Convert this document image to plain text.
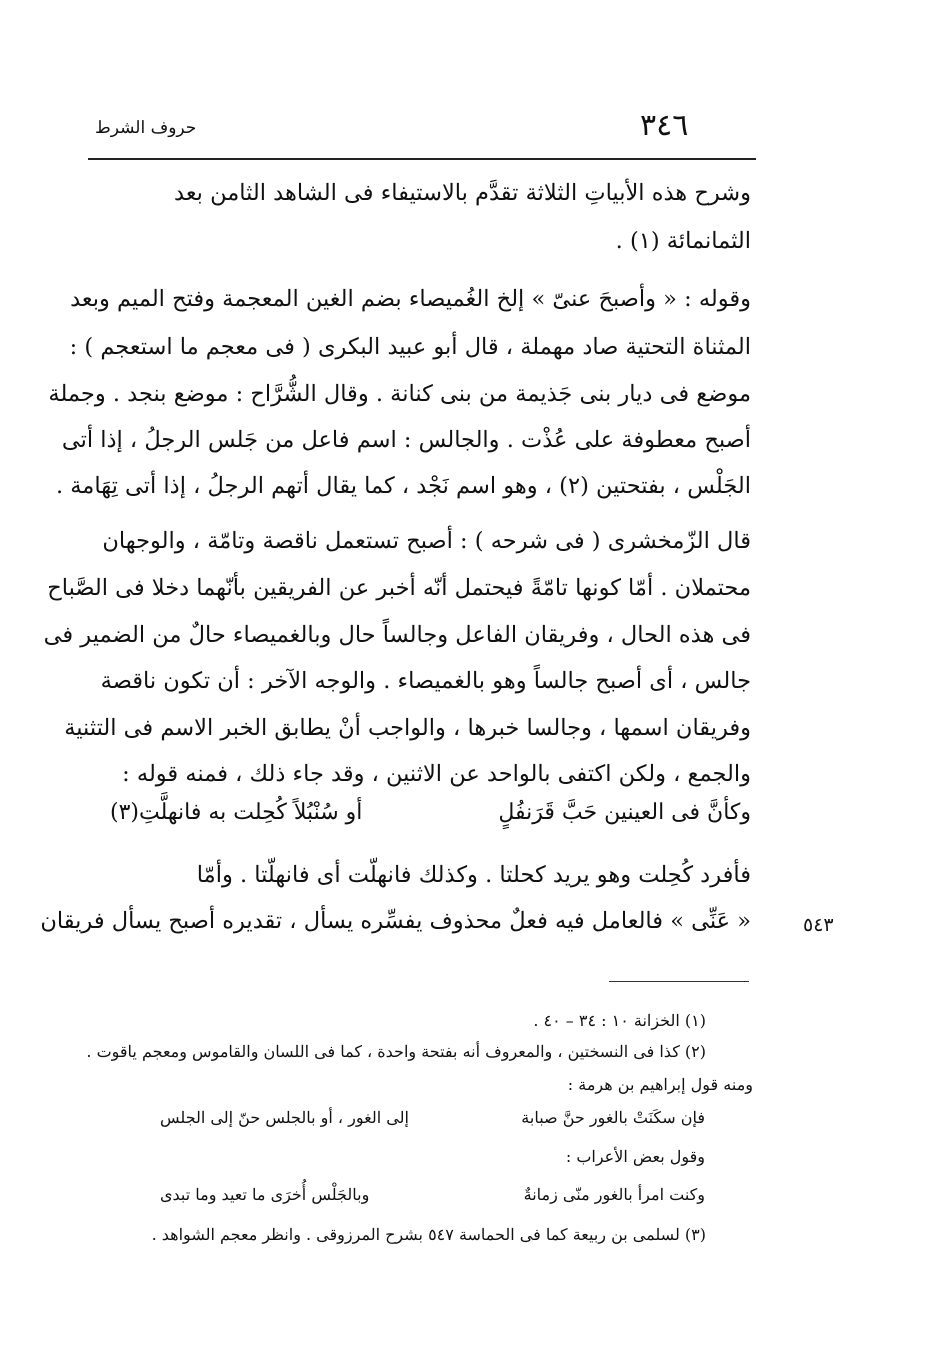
٣٤٦
حروف الشرط
وشرح هذه الأبياتِ الثلاثة تقدَّم بالاستيفاء فى الشاهد الثامن بعد
الثمانمائة (١) .
وقوله : « وأصبحَ عنىّ » إلخ الغُميصاء بضم الغين المعجمة وفتح الميم وبعد
المثناة التحتية صاد مهملة ، قال أبو عبيد البكرى ( فى معجم ما استعجم ) :
موضع فى ديار بنى جَذيمة من بنى كنانة . وقال الشُّرَّاح : موضع بنجد . وجملة
أصبح معطوفة على عُذْت . والجالس : اسم فاعل من جَلس الرجلُ ، إذا أتى
الجَلْس ، بفتحتين (٢) ، وهو اسم نَجْد ، كما يقال أتهم الرجلُ ، إذا أتى تِهَامة .
قال الزّمخشرى ( فى شرحه ) : أصبح تستعمل ناقصة وتامّة ، والوجهان
محتملان . أمّا كونها تامّةً فيحتمل أنّه أخبر عن الفريقين بأنّهما دخلا فى الصَّباح
فى هذه الحال ، وفريقان الفاعل وجالساً حال وبالغميصاء حالٌ من الضمير فى
جالس ، أى أصبح جالساً وهو بالغميصاء . والوجه الآخر : أن تكون ناقصة
وفريقان اسمها ، وجالسا خبرها ، والواجب أنْ يطابق الخبر الاسم فى التثنية
والجمع ، ولكن اكتفى بالواحد عن الاثنين ، وقد جاء ذلك ، فمنه قوله :
فأفرد كُحِلت وهو يريد كحلتا . وكذلك فانهلّت أى فانهلّتا . وأمّا
« عَنِّى » فالعامل فيه فعلٌ محذوف يفسِّره يسأل ، تقديره أصبح يسأل فريقان
وكأنَّ فى العينين حَبَّ قَرَنفُلٍ
أو سُنْبُلاً كُحِلت به فانهلَّتِ(٣)
٥٤٣
(١) الخزانة ١٠ : ٣٤ – ٤٠ .
(٢) كذا فى النسختين ، والمعروف أنه بفتحة واحدة ، كما فى اللسان والقاموس ومعجم ياقوت .
ومنه قول إبراهيم بن هرمة :
فإن سكَنَتْ بالغور حنَّ صبابة
إلى الغور ، أو بالجلس حنّ إلى الجلس
وقول بعض الأعراب :
وكنت امرأ بالغور منّى زمانةٌ
وبالجَلْس أُخرَى ما تعيد وما تبدى
(٣) لسلمى بن ربيعة كما فى الحماسة ٥٤٧ بشرح المرزوقى . وانظر معجم الشواهد .
